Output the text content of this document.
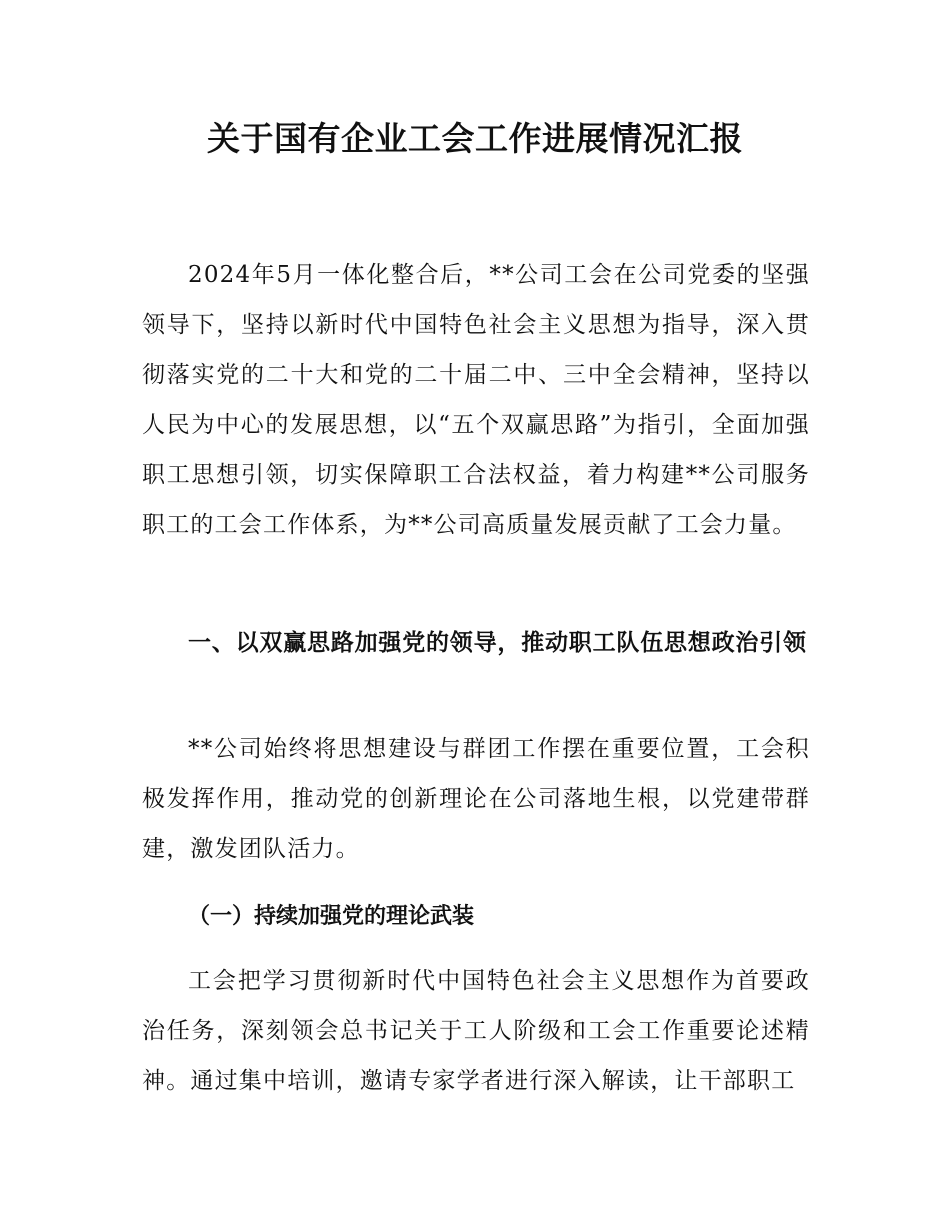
关于国有企业工会工作进展情况汇报

2024年5月一体化整合后，**公司工会在公司党委的坚强领导下，坚持以新时代中国特色社会主义思想为指导，深入贯彻落实党的二十大和党的二十届二中、三中全会精神，坚持以人民为中心的发展思想，以“五个双赢思路”为指引，全面加强职工思想引领，切实保障职工合法权益，着力构建**公司服务职工的工会工作体系，为**公司高质量发展贡献了工会力量。

一、以双赢思路加强党的领导，推动职工队伍思想政治引领

**公司始终将思想建设与群团工作摆在重要位置，工会积极发挥作用，推动党的创新理论在公司落地生根，以党建带群建，激发团队活力。

（一）持续加强党的理论武装

工会把学习贯彻新时代中国特色社会主义思想作为首要政治任务，深刻领会总书记关于工人阶级和工会工作重要论述精神。通过集中培训，邀请专家学者进行深入解读，让干部职工
